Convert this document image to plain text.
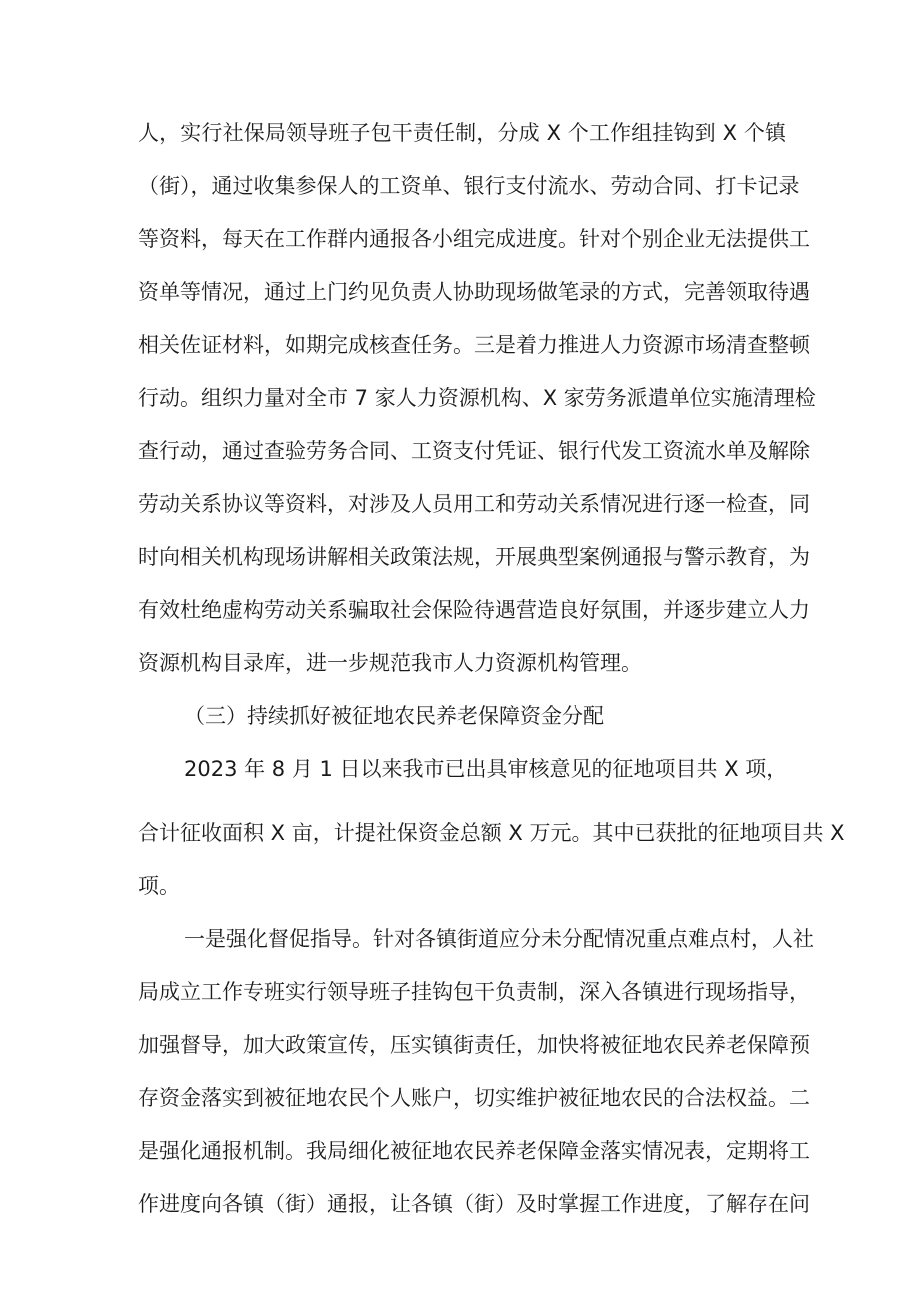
人，实行社保局领导班子包干责任制，分成 X 个工作组挂钩到 X 个镇
（街），通过收集参保人的工资单、银行支付流水、劳动合同、打卡记录
等资料，每天在工作群内通报各小组完成进度。针对个别企业无法提供工
资单等情况，通过上门约见负责人协助现场做笔录的方式，完善领取待遇
相关佐证材料，如期完成核查任务。三是着力推进人力资源市场清查整顿
行动。组织力量对全市 7 家人力资源机构、X 家劳务派遣单位实施清理检
查行动，通过查验劳务合同、工资支付凭证、银行代发工资流水单及解除
劳动关系协议等资料，对涉及人员用工和劳动关系情况进行逐一检查，同
时向相关机构现场讲解相关政策法规，开展典型案例通报与警示教育，为
有效杜绝虚构劳动关系骗取社会保险待遇营造良好氛围，并逐步建立人力
资源机构目录库，进一步规范我市人力资源机构管理。
（三）持续抓好被征地农民养老保障资金分配
2023 年 8 月 1 日以来我市已出具审核意见的征地项目共 X 项，
合计征收面积 X 亩，计提社保资金总额 X 万元。其中已获批的征地项目共 X
项。
一是强化督促指导。针对各镇街道应分未分配情况重点难点村，人社
局成立工作专班实行领导班子挂钩包干负责制，深入各镇进行现场指导，
加强督导，加大政策宣传，压实镇街责任，加快将被征地农民养老保障预
存资金落实到被征地农民个人账户，切实维护被征地农民的合法权益。二
是强化通报机制。我局细化被征地农民养老保障金落实情况表，定期将工
作进度向各镇（街）通报，让各镇（街）及时掌握工作进度，了解存在问
